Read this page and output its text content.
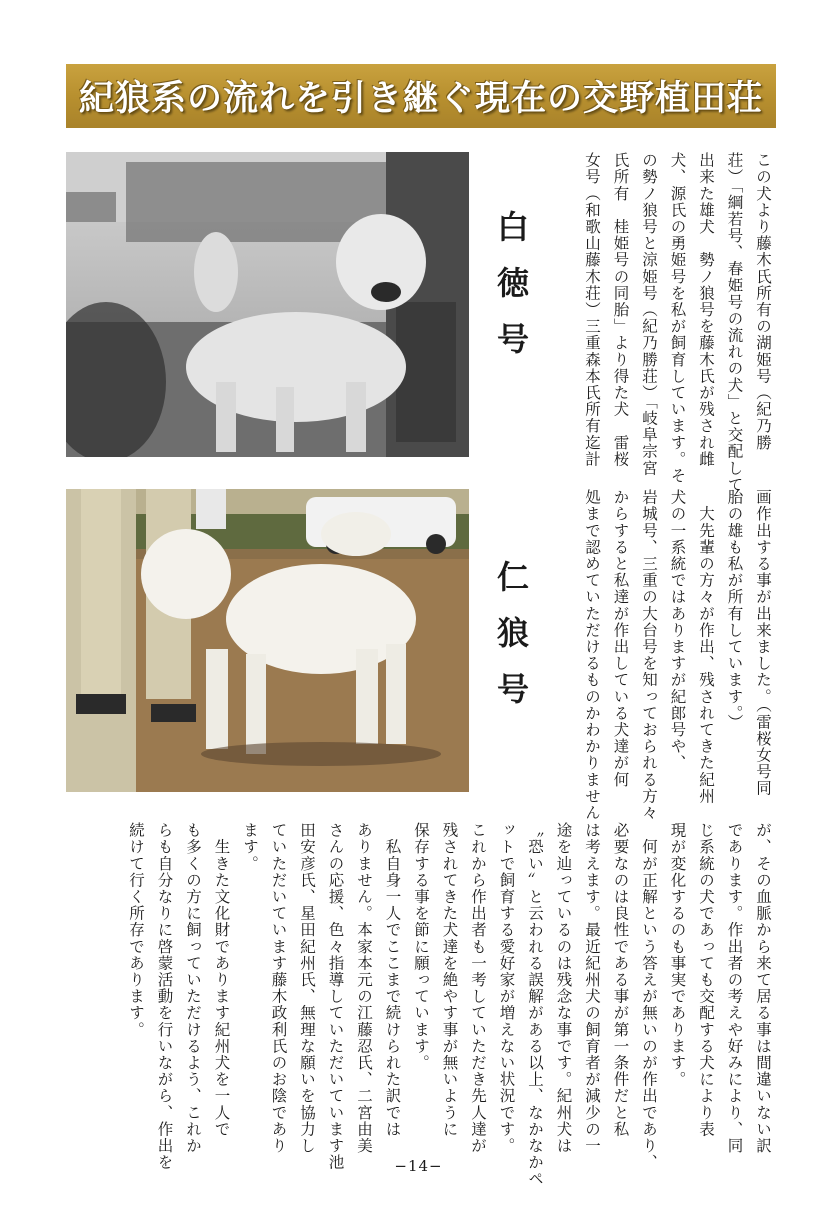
紀狼系の流れを引き継ぐ現在の交野植田荘
白徳号
仁狼号
この犬より藤木氏所有の湖姫号（紀乃勝
荘）「綱若号、春姫号の流れの犬」と交配して
出来た雄犬　勢ノ狼号を藤木氏が残され雌
犬、源氏の勇姫号を私が飼育しています。そ
の勢ノ狼号と涼姫号（紀乃勝荘）「岐阜宗宮
氏所有　桂姫号の同胎」より得た犬　雷桜
女号（和歌山藤木荘）三重森本氏所有迄計
画作出する事が出来ました。（雷桜女号同
胎の雄も私が所有しています。）
　大先輩の方々が作出、残されてきた紀州
犬の一系統ではありますが紀郎号や、
岩城号、三重の大台号を知っておられる方々
からすると私達が作出している犬達が何
処まで認めていただけるものかわかりません
が、その血脈から来て居る事は間違いない訳
であります。作出者の考えや好みにより、同
じ系統の犬であっても交配する犬により表
現が変化するのも事実であります。
　何が正解という答えが無いのが作出であり、
必要なのは良性である事が第一条件だと私
は考えます。最近紀州犬の飼育者が減少の一
途を辿っているのは残念な事です。紀州犬は
〝恐い〟と云われる誤解がある以上、なかなかペ
ットで飼育する愛好家が増えない状況です。
これから作出者も一考していただき先人達が
残されてきた犬達を絶やす事が無いように
保存する事を節に願っています。
　私自身一人でここまで続けられた訳では
ありません。本家本元の江藤忍氏、二宮由美
さんの応援、色々指導していただいています池
田安彦氏、星田紀州氏、無理な願いを協力し
ていただいています藤木政利氏のお陰であり
ます。
　生きた文化財であります紀州犬を一人で
も多くの方に飼っていただけるよう、これか
らも自分なりに啓蒙活動を行いながら、作出を
続けて行く所存であります。
−14−
